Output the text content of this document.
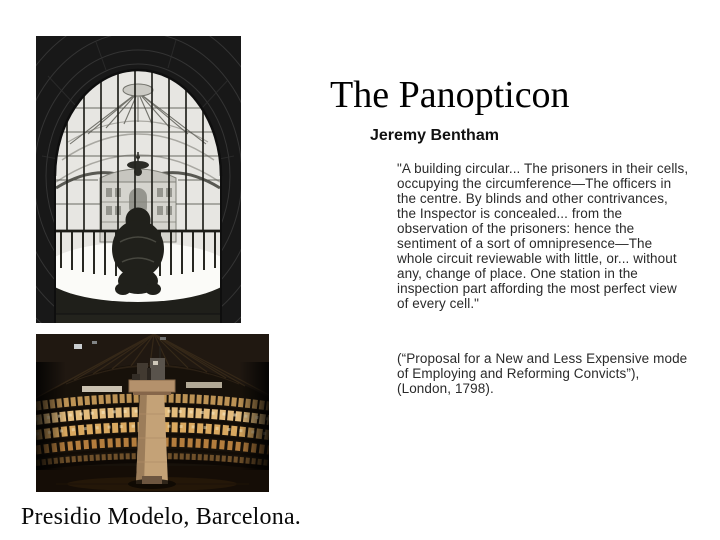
Presidio Modelo, Barcelona.
The Panopticon
Jeremy Bentham

"A building circular... The prisoners in their cells, occupying the circumference—The officers in the centre. By blinds and other contrivances, the Inspector is concealed... from the observation of the prisoners: hence the sentiment of a sort of omnipresence—The whole circuit reviewable with little, or... without any, change of place. One station in the inspection part affording the most perfect view of every cell."

(“Proposal for a New and Less Expensive mode of Employing and Reforming Convicts”), (London, 1798).
